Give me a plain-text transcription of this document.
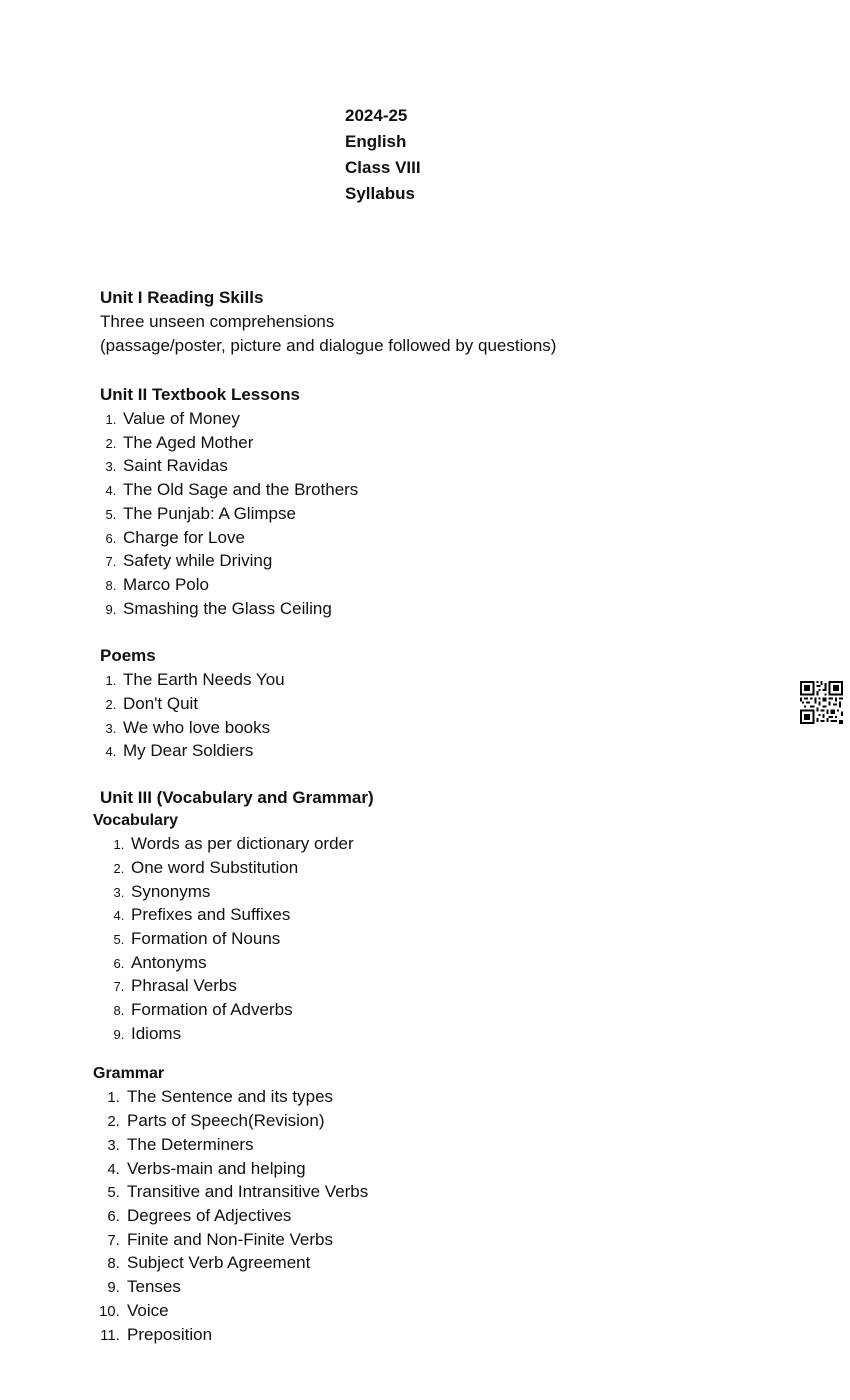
2024-25
English
Class VIII
Syllabus
Unit I Reading Skills
Three unseen comprehensions
(passage/poster, picture and dialogue followed by questions)
Unit II Textbook Lessons
1. Value of Money
2. The Aged Mother
3. Saint Ravidas
4. The Old Sage and the Brothers
5. The Punjab: A Glimpse
6. Charge for Love
7. Safety while Driving
8. Marco Polo
9. Smashing the Glass Ceiling
Poems
1. The Earth Needs You
2. Don't Quit
3. We who love books
4. My Dear Soldiers
Unit III (Vocabulary and Grammar)
Vocabulary
1. Words as per dictionary order
2. One word Substitution
3. Synonyms
4. Prefixes and Suffixes
5. Formation of Nouns
6. Antonyms
7. Phrasal Verbs
8. Formation of Adverbs
9. Idioms
Grammar
1. The Sentence and its types
2. Parts of Speech(Revision)
3. The Determiners
4. Verbs-main and helping
5. Transitive and Intransitive Verbs
6. Degrees of Adjectives
7. Finite and Non-Finite Verbs
8. Subject Verb Agreement
9. Tenses
10. Voice
11. Preposition
